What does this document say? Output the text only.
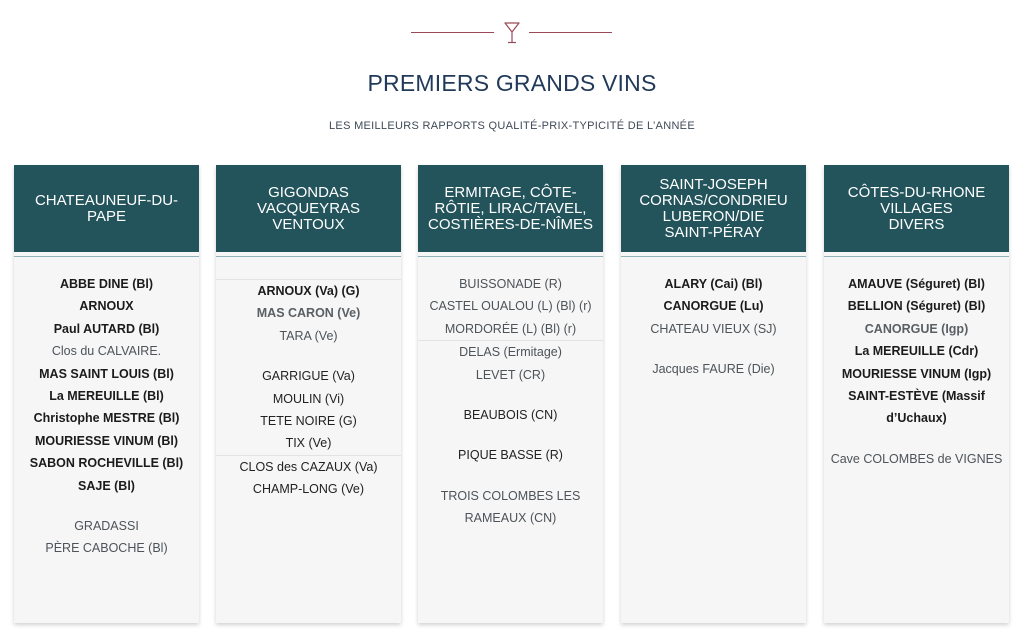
PREMIERS GRANDS VINS
LES MEILLEURS RAPPORTS QUALITÉ-PRIX-TYPICITÉ DE L’ANNÉE
CHATEAUNEUF-DU-
PAPE
ABBE DINE (Bl)
ARNOUX
Paul AUTARD (Bl)
Clos du CALVAIRE.
MAS SAINT LOUIS (Bl)
La MEREUILLE (Bl)
Christophe MESTRE (Bl)
MOURIESSE VINUM (Bl)
SABON ROCHEVILLE (Bl)
SAJE (Bl)
GRADASSI
PÈRE CABOCHE (Bl)
GIGONDAS
VACQUEYRAS
VENTOUX
ARNOUX (Va) (G)
MAS CARON (Ve)
TARA (Ve)
GARRIGUE (Va)
MOULIN (Vi)
TETE NOIRE (G)
TIX (Ve)
CLOS des CAZAUX (Va)
CHAMP-LONG (Ve)
ERMITAGE, CÔTE-
RÔTIE, LIRAC/TAVEL,
COSTIÈRES-DE-NÎMES
BUISSONADE (R)
CASTEL OUALOU (L) (Bl) (r)
MORDORÉE (L) (Bl) (r)
DELAS (Ermitage)
LEVET (CR)
BEAUBOIS (CN)
PIQUE BASSE (R)
TROIS COLOMBES LES
RAMEAUX (CN)
SAINT-JOSEPH
CORNAS/CONDRIEU
LUBERON/DIE
SAINT-PÉRAY
ALARY (Cai) (Bl)
CANORGUE (Lu)
CHATEAU VIEUX (SJ)
Jacques FAURE (Die)
CÔTES-DU-RHONE
VILLAGES
DIVERS
AMAUVE (Séguret) (Bl)
BELLION (Séguret) (Bl)
CANORGUE (Igp)
La MEREUILLE (Cdr)
MOURIESSE VINUM (Igp)
SAINT-ESTÈVE (Massif
d’Uchaux)
Cave COLOMBES de VIGNES
